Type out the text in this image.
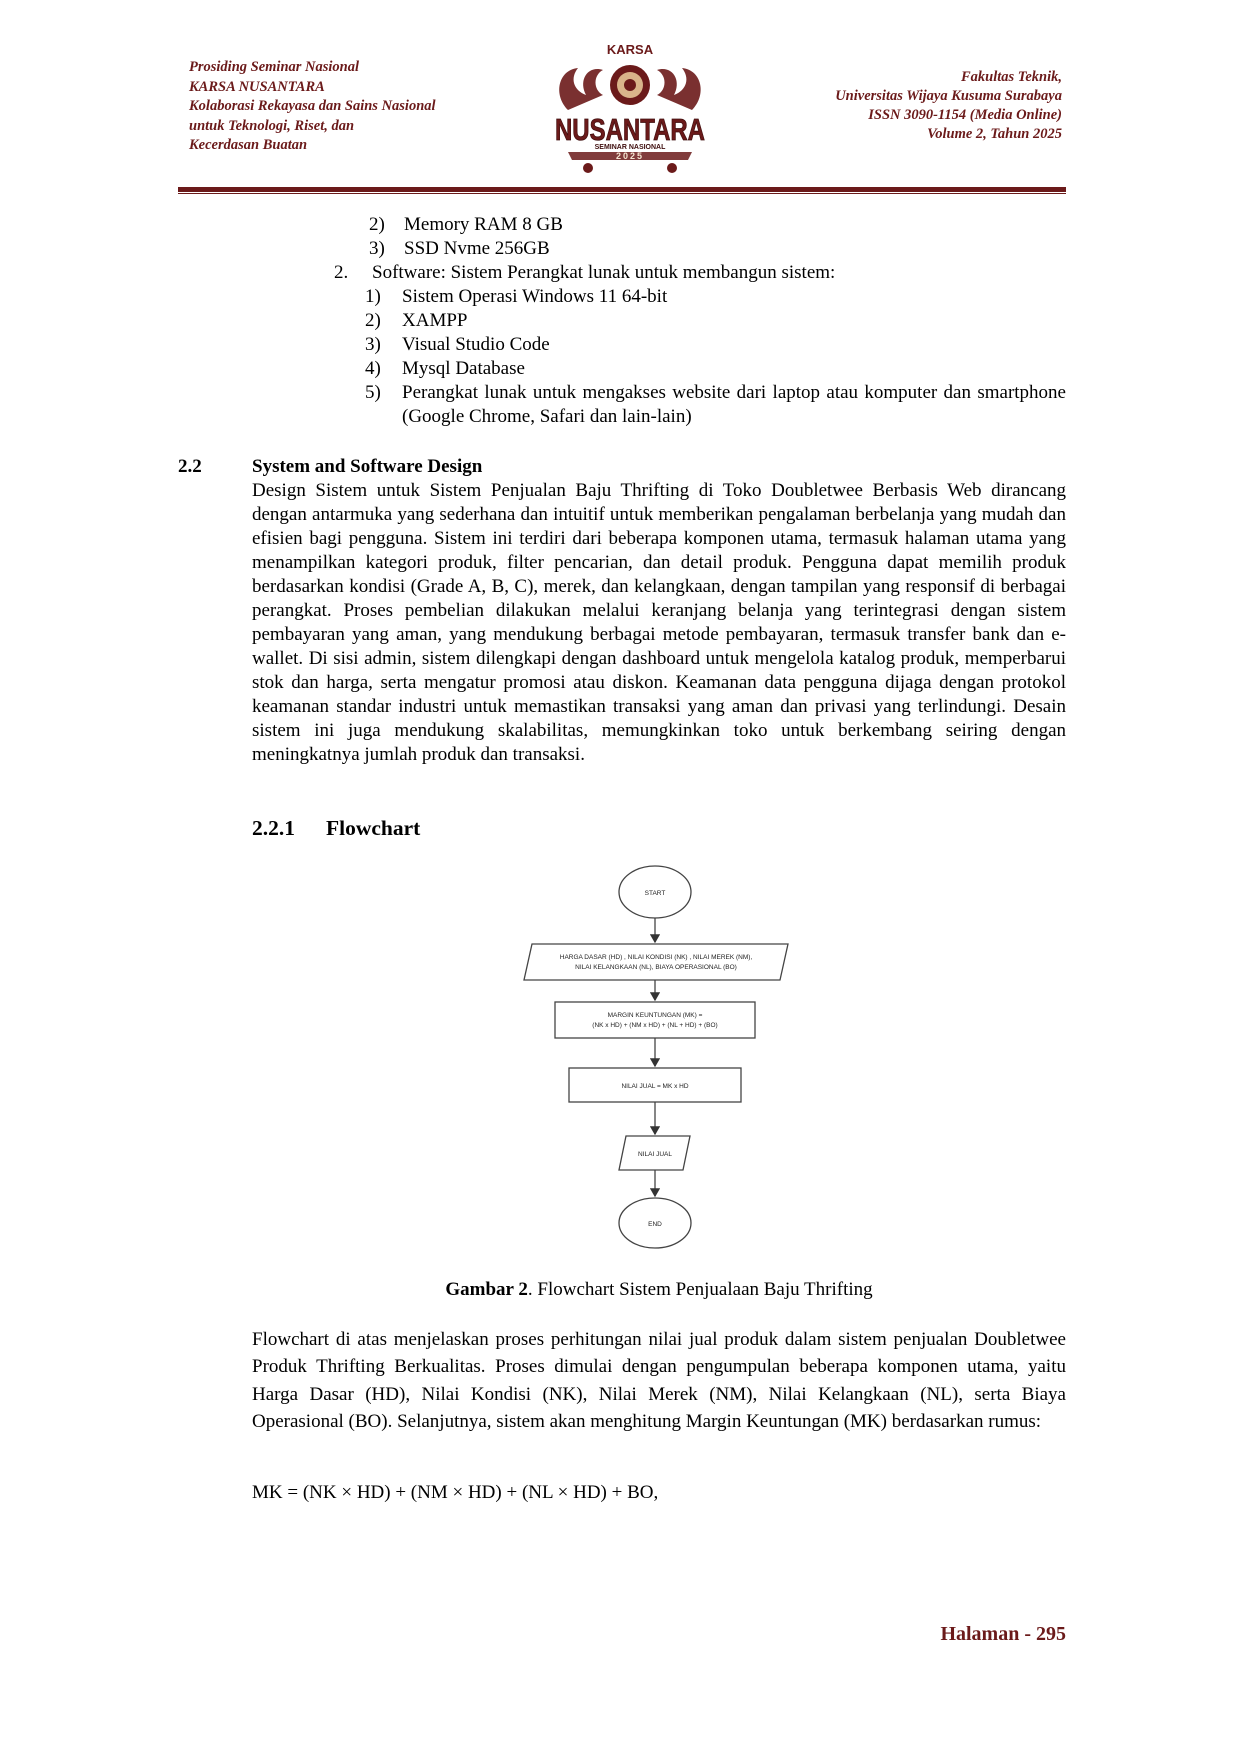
Prosiding Seminar Nasional
KARSA NUSANTARA
Kolaborasi Rekayasa dan Sains Nasional
untuk Teknologi, Riset, dan
Kecerdasan Buatan
KARSA
NUSANTARA
SEMINAR NASIONAL
2025
Fakultas Teknik,
Universitas Wijaya Kusuma Surabaya
ISSN 3090-1154 (Media Online)
Volume 2, Tahun 2025
2) Memory RAM 8 GB
3) SSD Nvme 256GB
2. Software: Sistem Perangkat lunak untuk membangun sistem:
1) Sistem Operasi Windows 11 64-bit
2) XAMPP
3) Visual Studio Code
4) Mysql Database
5) Perangkat lunak untuk mengakses website dari laptop atau komputer dan smartphone (Google Chrome, Safari dan lain-lain)
2.2	System and Software Design
Design Sistem untuk Sistem Penjualan Baju Thrifting di Toko Doubletwee Berbasis Web dirancang dengan antarmuka yang sederhana dan intuitif untuk memberikan pengalaman berbelanja yang mudah dan efisien bagi pengguna. Sistem ini terdiri dari beberapa komponen utama, termasuk halaman utama yang menampilkan kategori produk, filter pencarian, dan detail produk. Pengguna dapat memilih produk berdasarkan kondisi (Grade A, B, C), merek, dan kelangkaan, dengan tampilan yang responsif di berbagai perangkat. Proses pembelian dilakukan melalui keranjang belanja yang terintegrasi dengan sistem pembayaran yang aman, yang mendukung berbagai metode pembayaran, termasuk transfer bank dan e-wallet. Di sisi admin, sistem dilengkapi dengan dashboard untuk mengelola katalog produk, memperbarui stok dan harga, serta mengatur promosi atau diskon. Keamanan data pengguna dijaga dengan protokol keamanan standar industri untuk memastikan transaksi yang aman dan privasi yang terlindungi. Desain sistem ini juga mendukung skalabilitas, memungkinkan toko untuk berkembang seiring dengan meningkatnya jumlah produk dan transaksi.
2.2.1 Flowchart
START
HARGA DASAR (HD) , NILAI KONDISI (NK) , NILAI MEREK (NM),
NILAI KELANGKAAN (NL), BIAYA OPERASIONAL (BO)
MARGIN KEUNTUNGAN (MK) =
(NK x HD) + (NM x HD) + (NL + HD) + (BO)
NILAI JUAL = MK x HD
NILAI JUAL
END
Gambar 2. Flowchart Sistem Penjualaan Baju Thrifting
Flowchart di atas menjelaskan proses perhitungan nilai jual produk dalam sistem penjualan Doubletwee Produk Thrifting Berkualitas. Proses dimulai dengan pengumpulan beberapa komponen utama, yaitu Harga Dasar (HD), Nilai Kondisi (NK), Nilai Merek (NM), Nilai Kelangkaan (NL), serta Biaya Operasional (BO). Selanjutnya, sistem akan menghitung Margin Keuntungan (MK) berdasarkan rumus:
MK = (NK × HD) + (NM × HD) + (NL × HD) + BO,
Halaman - 295
